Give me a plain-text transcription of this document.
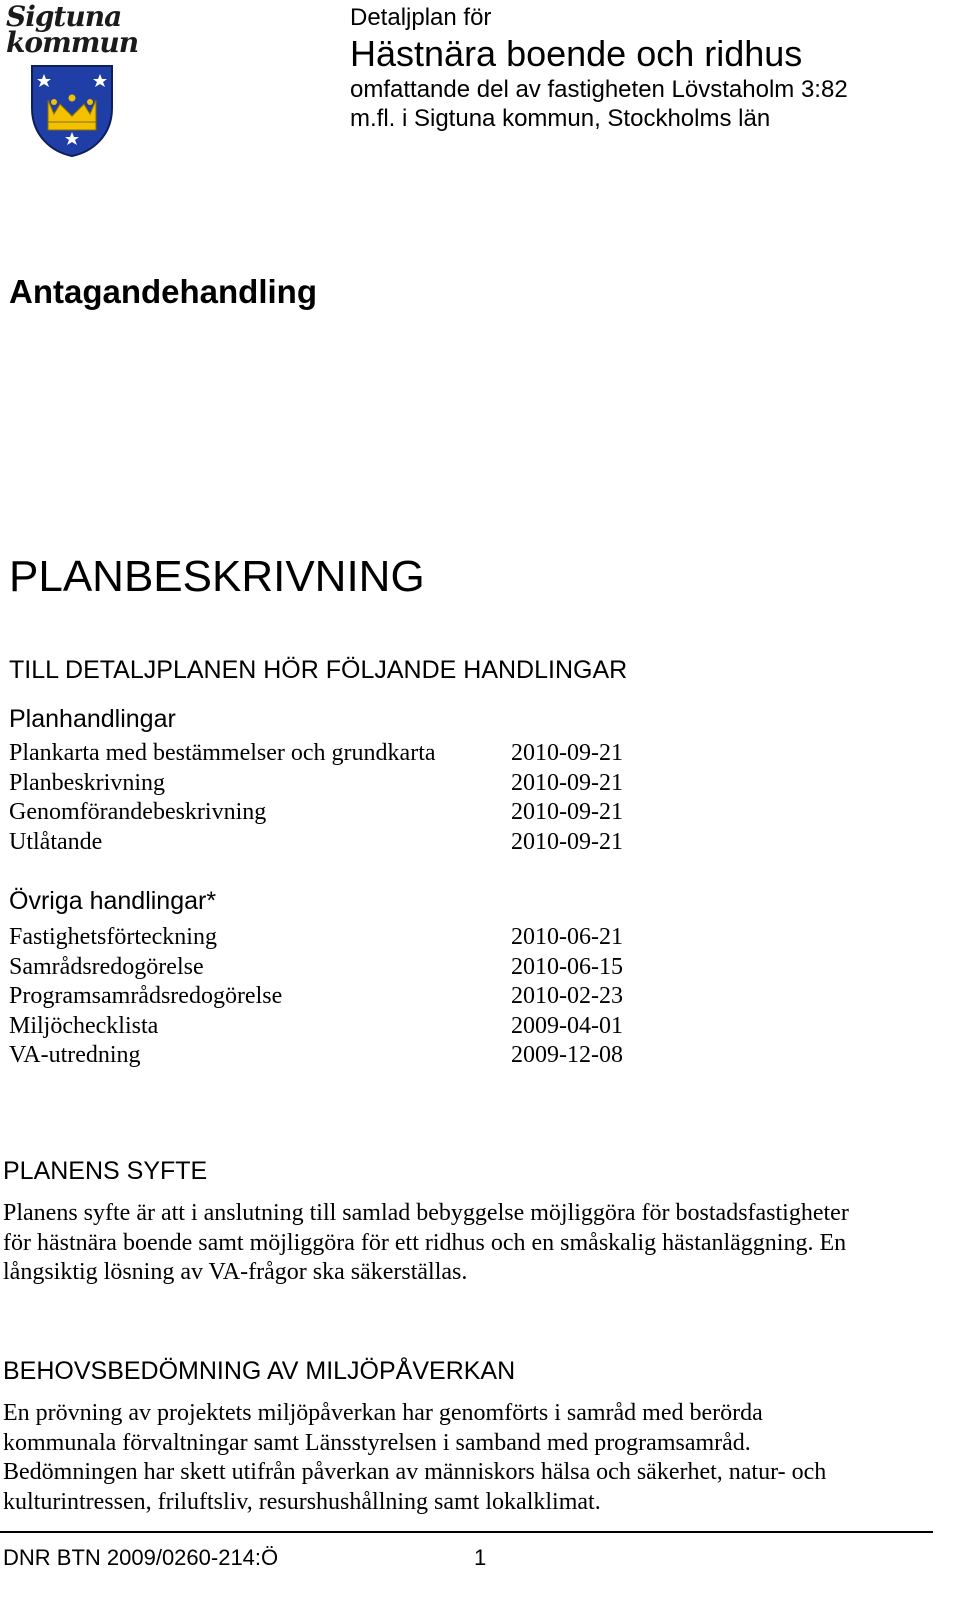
Sigtuna
kommun
Detaljplan för
Hästnära boende och ridhus
omfattande del av fastigheten Lövstaholm 3:82
m.fl. i Sigtuna kommun, Stockholms län
Antagandehandling
PLANBESKRIVNING
TILL DETALJPLANEN HÖR FÖLJANDE HANDLINGAR
Planhandlingar
Plankarta med bestämmelser och grundkarta	2010-09-21
Planbeskrivning	2010-09-21
Genomförandebeskrivning	2010-09-21
Utlåtande	2010-09-21
Övriga handlingar*
Fastighetsförteckning	2010-06-21
Samrådsredogörelse	2010-06-15
Programsamrådsredogörelse	2010-02-23
Miljöchecklista	2009-04-01
VA-utredning	2009-12-08
PLANENS SYFTE

Planens syfte är att i anslutning till samlad bebyggelse möjliggöra för bostadsfastigheter
för hästnära boende samt möjliggöra för ett ridhus och en småskalig hästanläggning. En
långsiktig lösning av VA-frågor ska säkerställas.

BEHOVSBEDÖMNING AV MILJÖPÅVERKAN

En prövning av projektets miljöpåverkan har genomförts i samråd med berörda
kommunala förvaltningar samt Länsstyrelsen i samband med programsamråd.
Bedömningen har skett utifrån påverkan av människors hälsa och säkerhet, natur- och
kulturintressen, friluftsliv, resurshushållning samt lokalklimat.

DNR BTN 2009/0260-214:Ö	1
